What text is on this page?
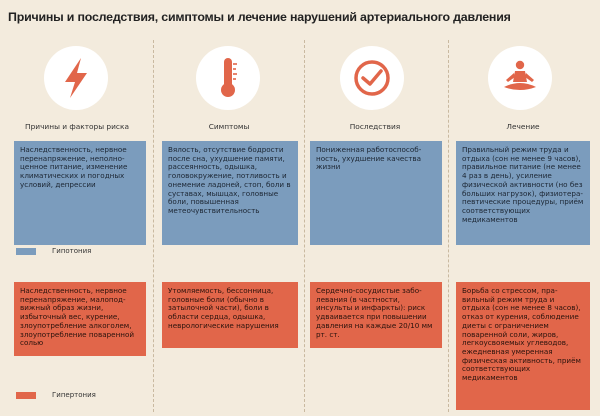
Причины и последствия, симптомы и лечение нарушений артериального давления
Причины и факторы риска	Симптомы	Последствия	Лечение
Наследственность, нервное перенапряжение, неполноценное питание, изменение климатических и погодных условий, депрессии
Вялость, отсутствие бодрости после сна, ухудшение памяти, рассеянность, одышка, головокружение, потливость и онемение ладоней, стоп, боли в суставах, мышцах, головные боли, повышенная метеочувствительность
Пониженная работоспособность, ухудшение качества жизни
Правильный режим труда и отдыха (сон не менее 9 часов), правильное питание (не менее 4 раз в день), усиление физической активности (но без больших нагрузок), физиотерапевтические процедуры, приём соответствующих медикаментов
Гипотония
Наследственность, нервное перенапряжение, малоподвижный образ жизни, избыточный вес, курение, злоупотребление алкоголем, злоупотребление поваренной солью
Утомляемость, бессонница, головные боли (обычно в затылочной части), боли в области сердца, одышка, неврологические нарушения
Сердечно-сосудистые заболевания (в частности, инсульты и инфаркты): риск удваивается при повышении давления на каждые 20/10 мм рт. ст.
Борьба со стрессом, правильный режим труда и отдыха (сон не менее 8 часов), отказ от курения, соблюдение диеты с ограничением поваренной соли, жиров, легкоусвояемых углеводов, ежедневная умеренная физическая активность, приём соответствующих медикаментов
Гипертония
